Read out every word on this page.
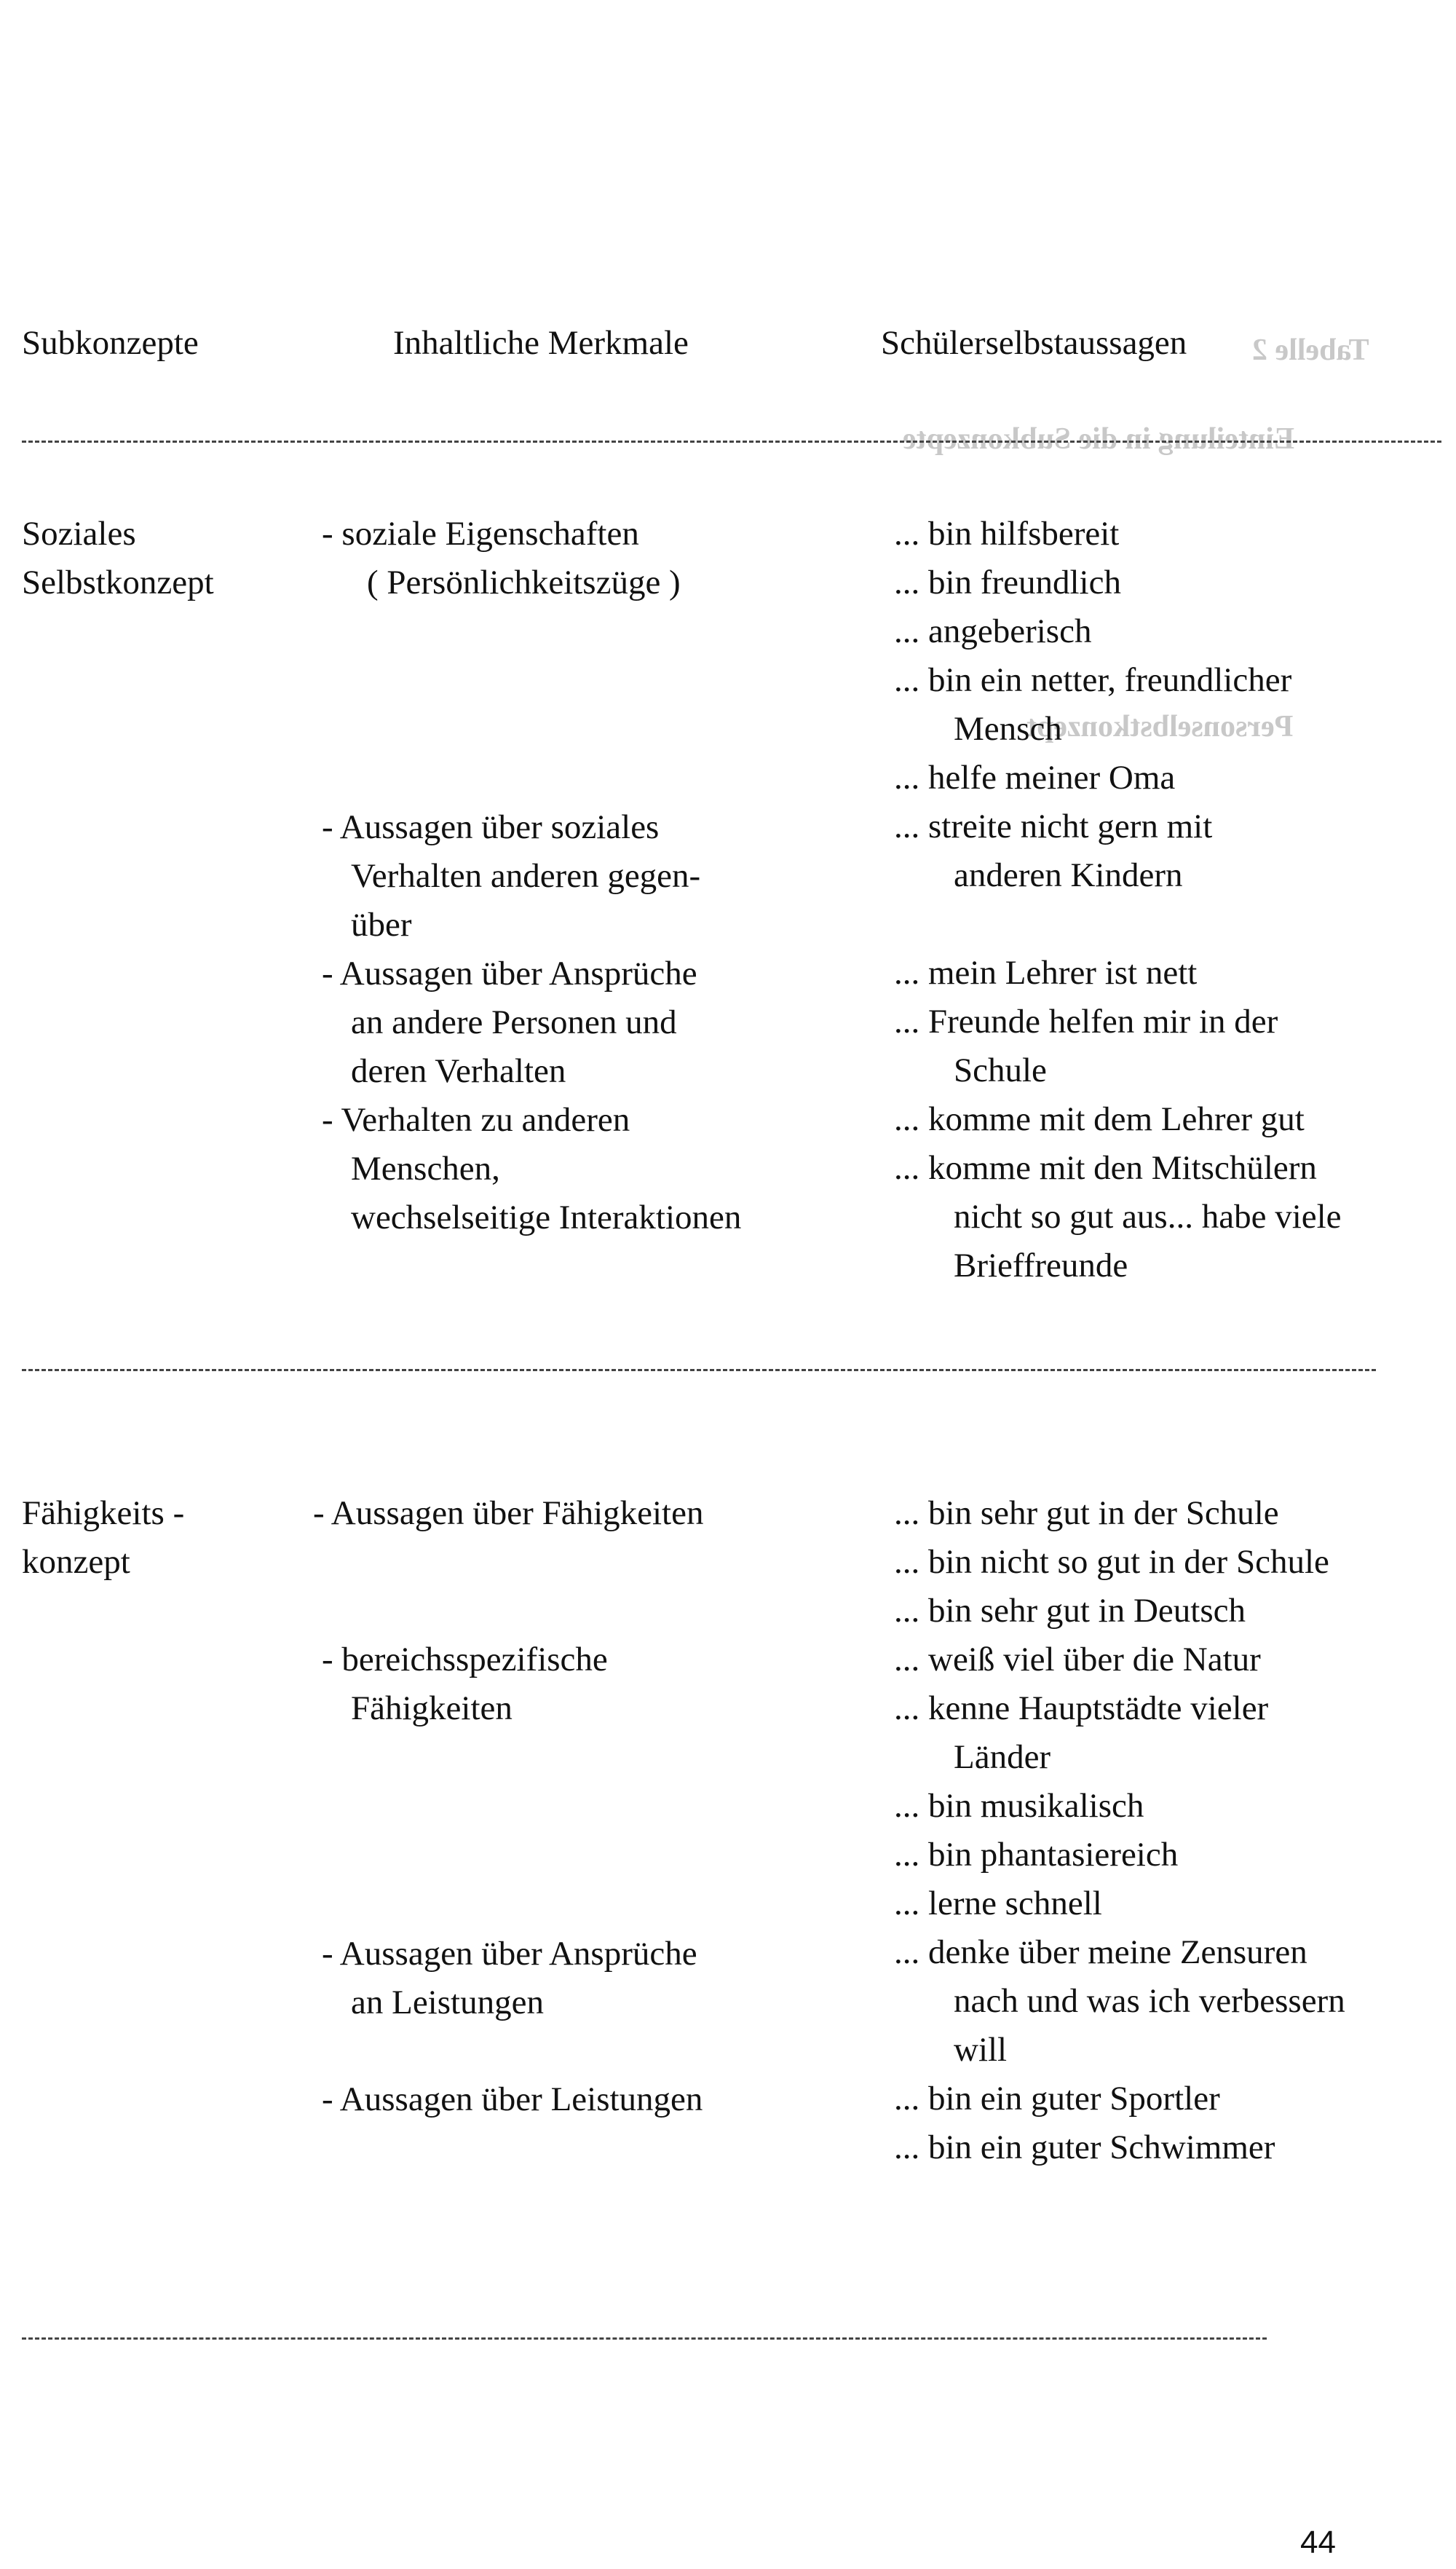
Tabelle 2
Einteilung in die Subkonzepte
Personselbstkonzept
Subkonzepte	Inhaltliche Merkmale	Schülerselbstaussagen
Soziales
Selbstkonzept
- soziale Eigenschaften
( Persönlichkeitszüge )
- Aussagen über soziales
Verhalten anderen gegen-
über
- Aussagen über Ansprüche
an andere Personen und
deren Verhalten
- Verhalten zu anderen
Menschen,
wechselseitige Interaktionen
... bin hilfsbereit
... bin freundlich
... angeberisch
... bin ein netter, freundlicher
Mensch
... helfe meiner Oma
... streite nicht gern mit
anderen Kindern

... mein Lehrer ist nett
... Freunde helfen mir in der
Schule
... komme mit dem Lehrer gut
... komme mit den Mitschülern
nicht so gut aus... habe viele
Brieffreunde
Fähigkeits -
konzept
- Aussagen über Fähigkeiten
- bereichsspezifische
Fähigkeiten
- Aussagen über Ansprüche
an Leistungen
- Aussagen über Leistungen
... bin sehr gut in der Schule
... bin nicht so gut in der Schule
... bin sehr gut in Deutsch
... weiß viel über die Natur
... kenne Hauptstädte vieler
Länder
... bin musikalisch
... bin phantasiereich
... lerne schnell
... denke über meine Zensuren
nach und was ich verbessern
will
... bin ein guter Sportler
... bin ein guter Schwimmer
44
